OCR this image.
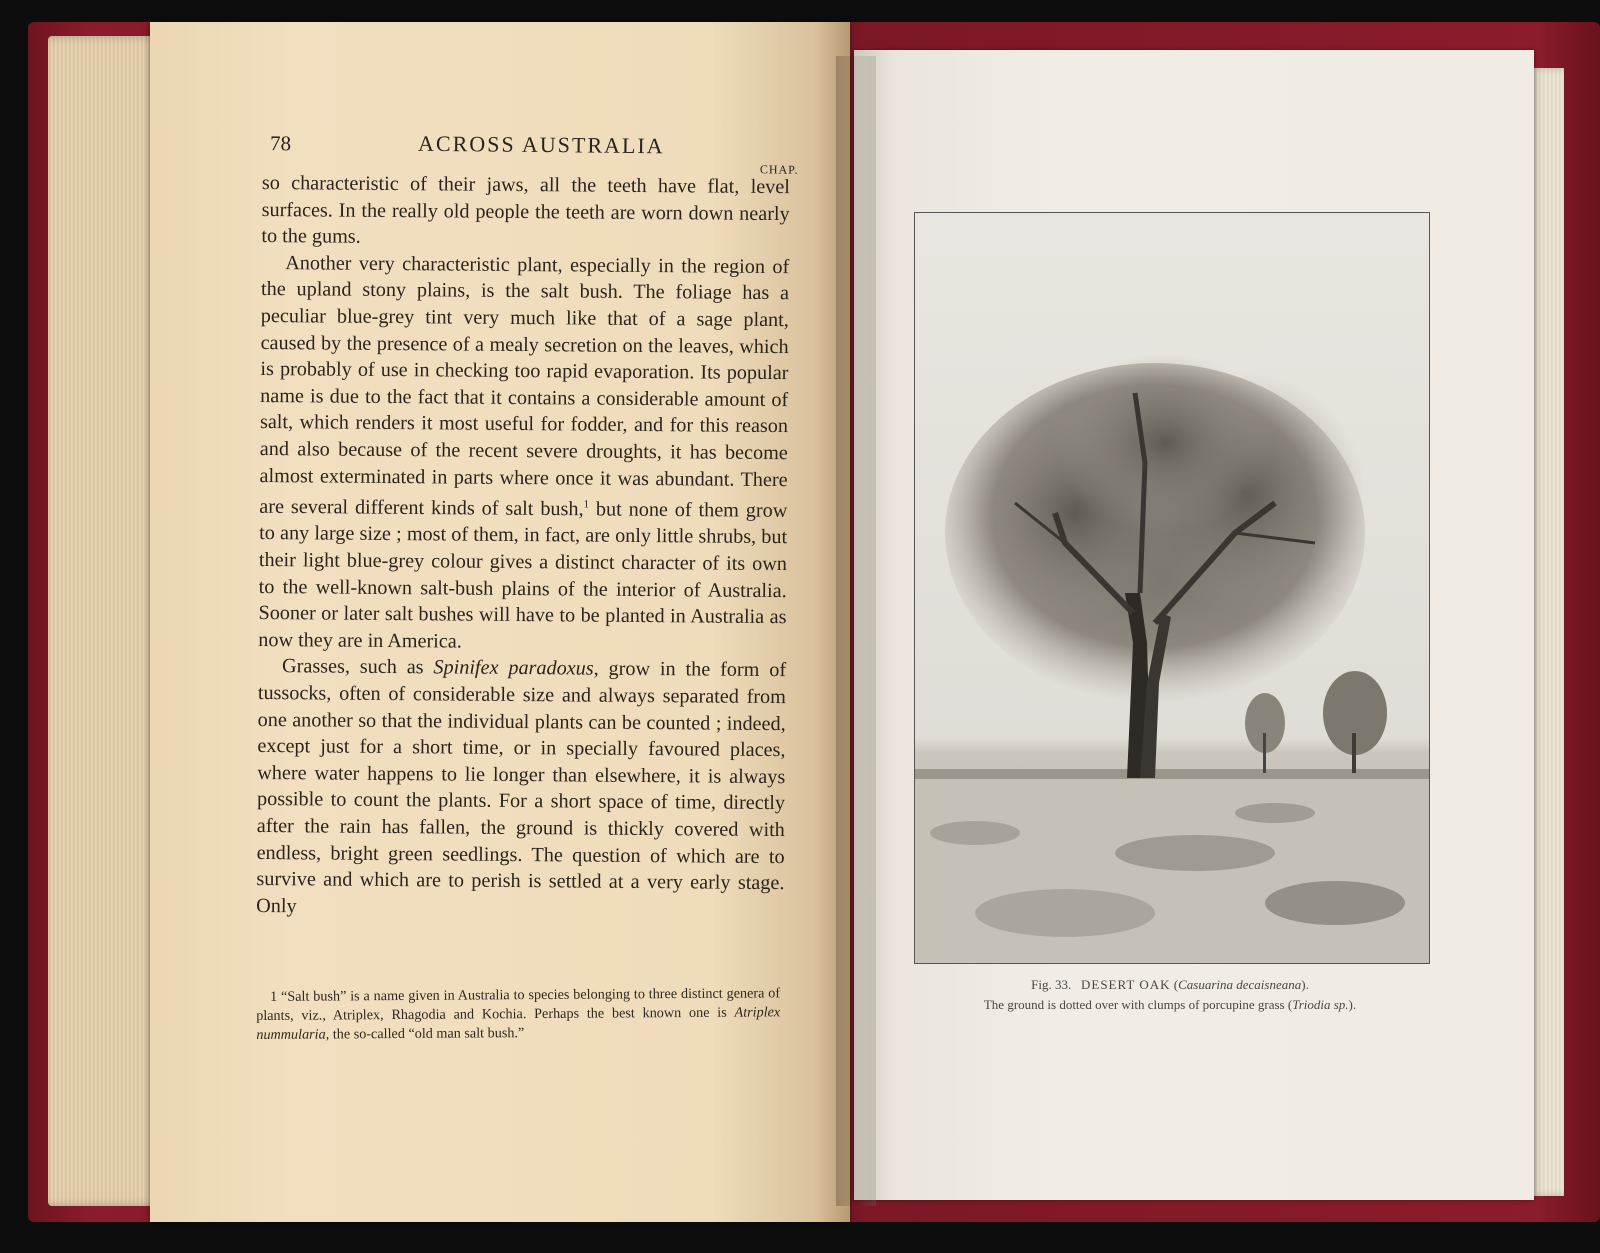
78	ACROSS AUSTRALIA
CHAP.

so characteristic of their jaws, all the teeth have flat, level surfaces. In the really old people the teeth are worn down nearly to the gums.

Another very characteristic plant, especially in the region of the upland stony plains, is the salt bush. The foliage has a peculiar blue-grey tint very much like that of a sage plant, caused by the presence of a mealy secretion on the leaves, which is probably of use in checking too rapid evaporation. Its popular name is due to the fact that it contains a considerable amount of salt, which renders it most useful for fodder, and for this reason and also because of the recent severe droughts, it has become almost exterminated in parts where once it was abundant. There are several different kinds of salt bush,$^1$ but none of them grow to any large size ; most of them, in fact, are only little shrubs, but their light blue-grey colour gives a distinct character of its own to the well-known salt-bush plains of the interior of Australia. Sooner or later salt bushes will have to be planted in Australia as now they are in America.

Grasses, such as Spinifex paradoxus, grow in the form of tussocks, often of considerable size and always separated from one another so that the individual plants can be counted ; indeed, except just for a short time, or in specially favoured places, where water happens to lie longer than elsewhere, it is always possible to count the plants. For a short space of time, directly after the rain has fallen, the ground is thickly covered with endless, bright green seedlings. The question of which are to survive and which are to perish is settled at a very early stage. Only

1 “Salt bush” is a name given in Australia to species belonging to three distinct genera of plants, viz., Atriplex, Rhagodia and Kochia. Perhaps the best known one is Atriplex nummularia, the so-called “old man salt bush.”

Fig. 33. DESERT OAK (Casuarina decaisneana).
The ground is dotted over with clumps of porcupine grass (Triodia sp.).
